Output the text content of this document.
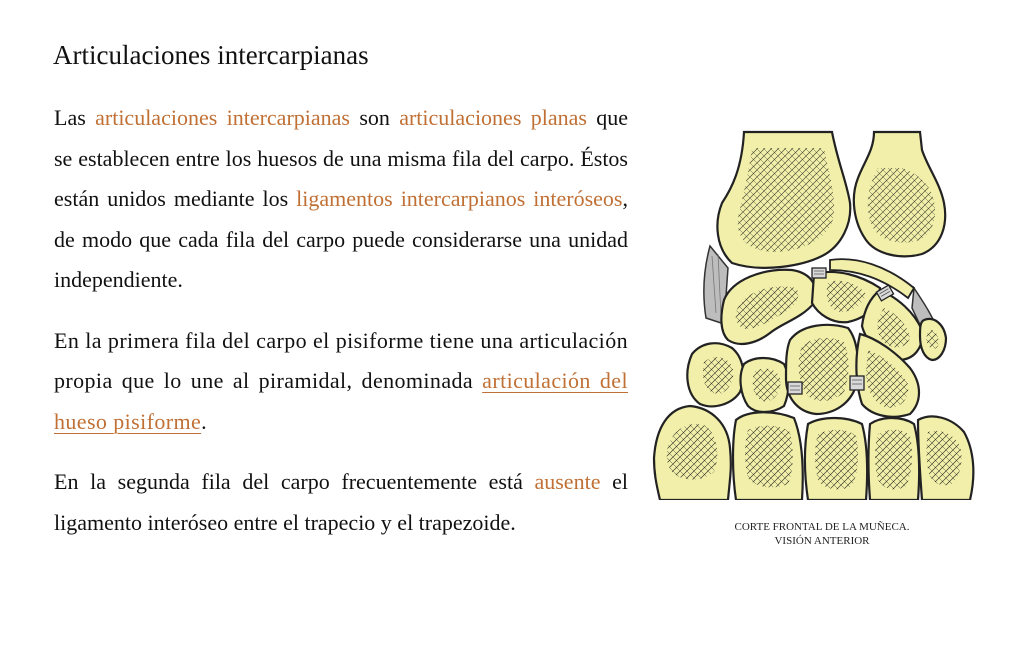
Articulaciones intercarpianas

Las articulaciones intercarpianas son articulaciones planas que se establecen entre los huesos de una misma fila del carpo. Éstos están unidos mediante los ligamentos intercarpianos interóseos, de modo que cada fila del carpo puede considerarse una unidad independiente.

En la primera fila del carpo el pisiforme tiene una articulación propia que lo une al piramidal, denominada articulación del hueso pisiforme.

En la segunda fila del carpo frecuentemente está ausente el ligamento interóseo entre el trapecio y el trapezoide.	CORTE FRONTAL DE LA MUÑECA.
VISIÓN ANTERIOR
